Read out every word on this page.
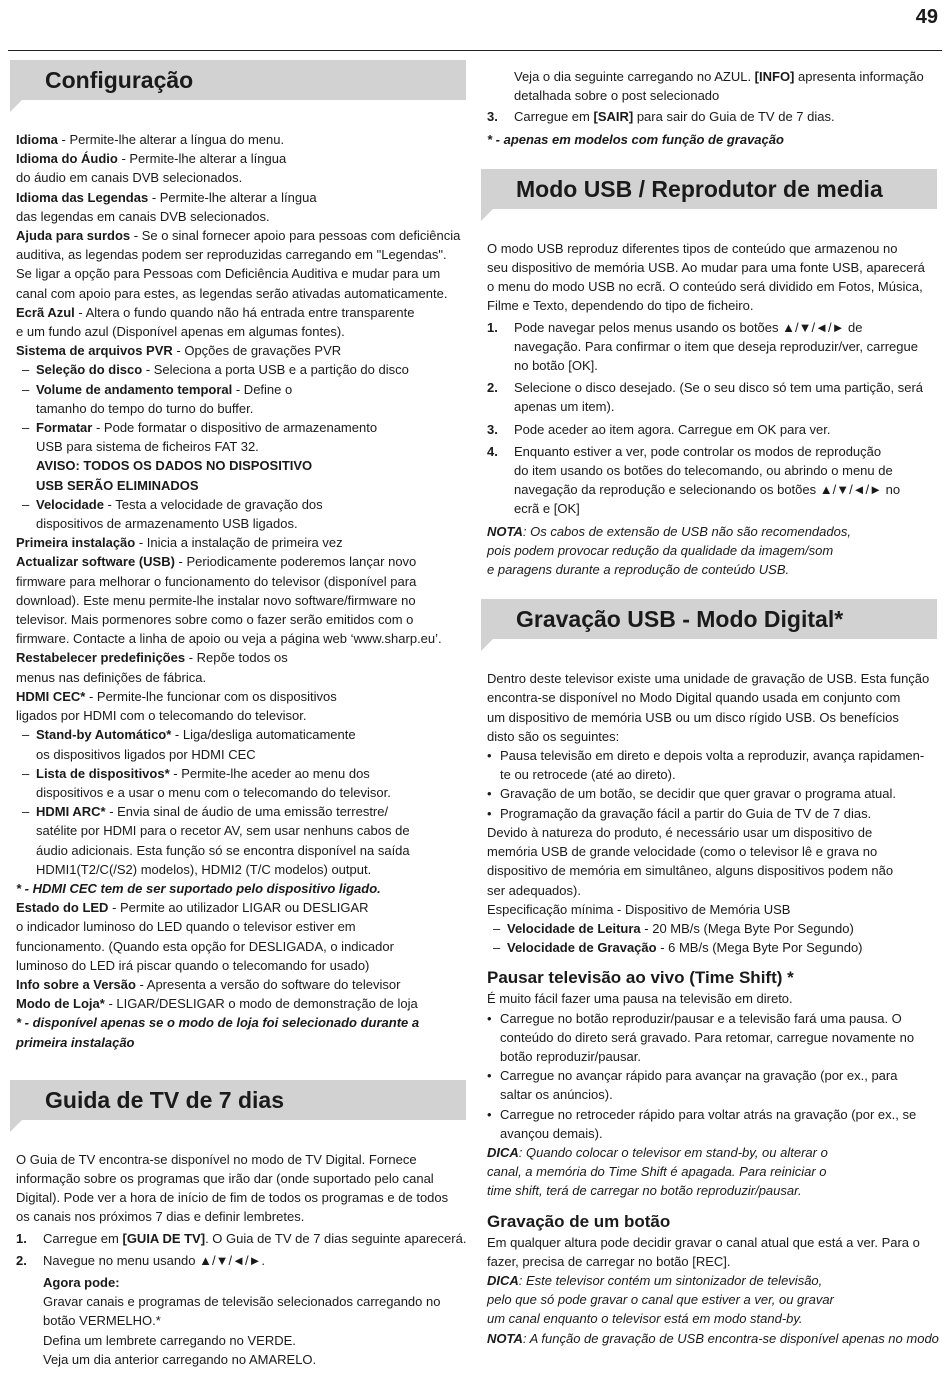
49
Configuração

Idioma - Permite-lhe alterar a língua do menu.

Idioma do Áudio - Permite-lhe alterar a língua
do áudio em canais DVB selecionados.

Idioma das Legendas - Permite-lhe alterar a língua
das legendas em canais DVB selecionados.

Ajuda para surdos - Se o sinal fornecer apoio para pessoas com deficiência
auditiva, as legendas podem ser reproduzidas carregando em "Legendas".
Se ligar a opção para Pessoas com Deficiência Auditiva e mudar para um
canal com apoio para estes, as legendas serão ativadas automaticamente.

Ecrã Azul - Altera o fundo quando não há entrada entre transparente
e um fundo azul (Disponível apenas em algumas fontes).

Sistema de arquivos PVR - Opções de gravações PVR

– Seleção do disco - Seleciona a porta USB e a partição do disco

– Volume de andamento temporal - Define o

tamanho do tempo do turno do buffer.

– Formatar - Pode formatar o dispositivo de armazenamento

USB para sistema de ficheiros FAT 32.

AVISO: TODOS OS DADOS NO DISPOSITIVO

USB SERÃO ELIMINADOS

– Velocidade - Testa a velocidade de gravação dos

dispositivos de armazenamento USB ligados.

Primeira instalação - Inicia a instalação de primeira vez

Actualizar software (USB) - Periodicamente poderemos lançar novo
firmware para melhorar o funcionamento do televisor (disponível para
download). Este menu permite-lhe instalar novo software/firmware no
televisor. Mais pormenores sobre como o fazer serão emitidos com o
firmware. Contacte a linha de apoio ou veja a página web ‘www.sharp.eu’.

Restabelecer predefinições - Repõe todos os
menus nas definições de fábrica.

HDMI CEC* - Permite-lhe funcionar com os dispositivos
ligados por HDMI com o telecomando do televisor.

– Stand-by Automático* - Liga/desliga automaticamente

os dispositivos ligados por HDMI CEC

– Lista de dispositivos* - Permite-lhe aceder ao menu dos

dispositivos e a usar o menu com o telecomando do televisor.

– HDMI ARC* - Envia sinal de áudio de uma emissão terrestre/

satélite por HDMI para o recetor AV, sem usar nenhuns cabos de

áudio adicionais. Esta função só se encontra disponível na saída

HDMI1(T2/C(/S2) modelos), HDMI2 (T/C modelos) output.

* - HDMI CEC tem de ser suportado pelo dispositivo ligado.

Estado do LED - Permite ao utilizador LIGAR ou DESLIGAR
o indicador luminoso do LED quando o televisor estiver em
funcionamento. (Quando esta opção for DESLIGADA, o indicador
luminoso do LED irá piscar quando o telecomando for usado)

Info sobre a Versão - Apresenta a versão do software do televisor

Modo de Loja* - LIGAR/DESLIGAR o modo de demonstração de loja

* - disponível apenas se o modo de loja foi selecionado durante a
primeira instalação

Guida de TV de 7 dias

O Guia de TV encontra-se disponível no modo de TV Digital. Fornece
informação sobre os programas que irão dar (onde suportado pelo canal
Digital). Pode ver a hora de início de fim de todos os programas e de todos
os canais nos próximos 7 dias e definir lembretes.

1. Carregue em [GUIA DE TV]. O Guia de TV de 7 dias seguinte aparecerá.

2. Navegue no menu usando ▲/▼/◄/►.

Agora pode:

Gravar canais e programas de televisão selecionados carregando no
botão VERMELHO.*
Defina um lembrete carregando no VERDE.
Veja um dia anterior carregando no AMARELO.

Veja o dia seguinte carregando no AZUL. [INFO] apresenta informação
detalhada sobre o post selecionado

3. Carregue em [SAIR] para sair do Guia de TV de 7 dias.

* - apenas em modelos com função de gravação

Modo USB / Reprodutor de media

O modo USB reproduz diferentes tipos de conteúdo que armazenou no
seu dispositivo de memória USB. Ao mudar para uma fonte USB, aparecerá
o menu do modo USB no ecrã. O conteúdo será dividido em Fotos, Música,
Filme e Texto, dependendo do tipo de ficheiro.

1. Pode navegar pelos menus usando os botões ▲/▼/◄/► de
navegação. Para confirmar o item que deseja reproduzir/ver, carregue
no botão [OK].

2. Selecione o disco desejado. (Se o seu disco só tem uma partição, será
apenas um item).

3. Pode aceder ao item agora. Carregue em OK para ver.

4. Enquanto estiver a ver, pode controlar os modos de reprodução
do item usando os botões do telecomando, ou abrindo o menu de
navegação da reprodução e selecionando os botões ▲/▼/◄/► no
ecrã e [OK]

NOTA: Os cabos de extensão de USB não são recomendados,
pois podem provocar redução da qualidade da imagem/som
e paragens durante a reprodução de conteúdo USB.

Gravação USB - Modo Digital*

Dentro deste televisor existe uma unidade de gravação de USB. Esta função
encontra-se disponível no Modo Digital quando usada em conjunto com
um dispositivo de memória USB ou um disco rígido USB. Os benefícios
disto são os seguintes:

• Pausa televisão em direto e depois volta a reproduzir, avança rapidamen-
te ou retrocede (até ao direto).

• Gravação de um botão, se decidir que quer gravar o programa atual.

• Programação da gravação fácil a partir do Guia de TV de 7 dias.

Devido à natureza do produto, é necessário usar um dispositivo de
memória USB de grande velocidade (como o televisor lê e grava no
dispositivo de memória em simultâneo, alguns dispositivos podem não
ser adequados).

Especificação mínima - Dispositivo de Memória USB

– Velocidade de Leitura - 20 MB/s (Mega Byte Por Segundo)

– Velocidade de Gravação - 6 MB/s (Mega Byte Por Segundo)

Pausar televisão ao vivo (Time Shift) *

É muito fácil fazer uma pausa na televisão em direto.

• Carregue no botão reproduzir/pausar e a televisão fará uma pausa. O
conteúdo do direto será gravado. Para retomar, carregue novamente no
botão reproduzir/pausar.

• Carregue no avançar rápido para avançar na gravação (por ex., para
saltar os anúncios).

• Carregue no retroceder rápido para voltar atrás na gravação (por ex., se
avançou demais).

DICA: Quando colocar o televisor em stand-by, ou alterar o
canal, a memória do Time Shift é apagada. Para reiniciar o
time shift, terá de carregar no botão reproduzir/pausar.

Gravação de um botão

Em qualquer altura pode decidir gravar o canal atual que está a ver. Para o
fazer, precisa de carregar no botão [REC].

DICA: Este televisor contém um sintonizador de televisão,
pelo que só pode gravar o canal que estiver a ver, ou gravar
um canal enquanto o televisor está em modo stand-by.

NOTA: A função de gravação de USB encontra-se disponível apenas no modo
